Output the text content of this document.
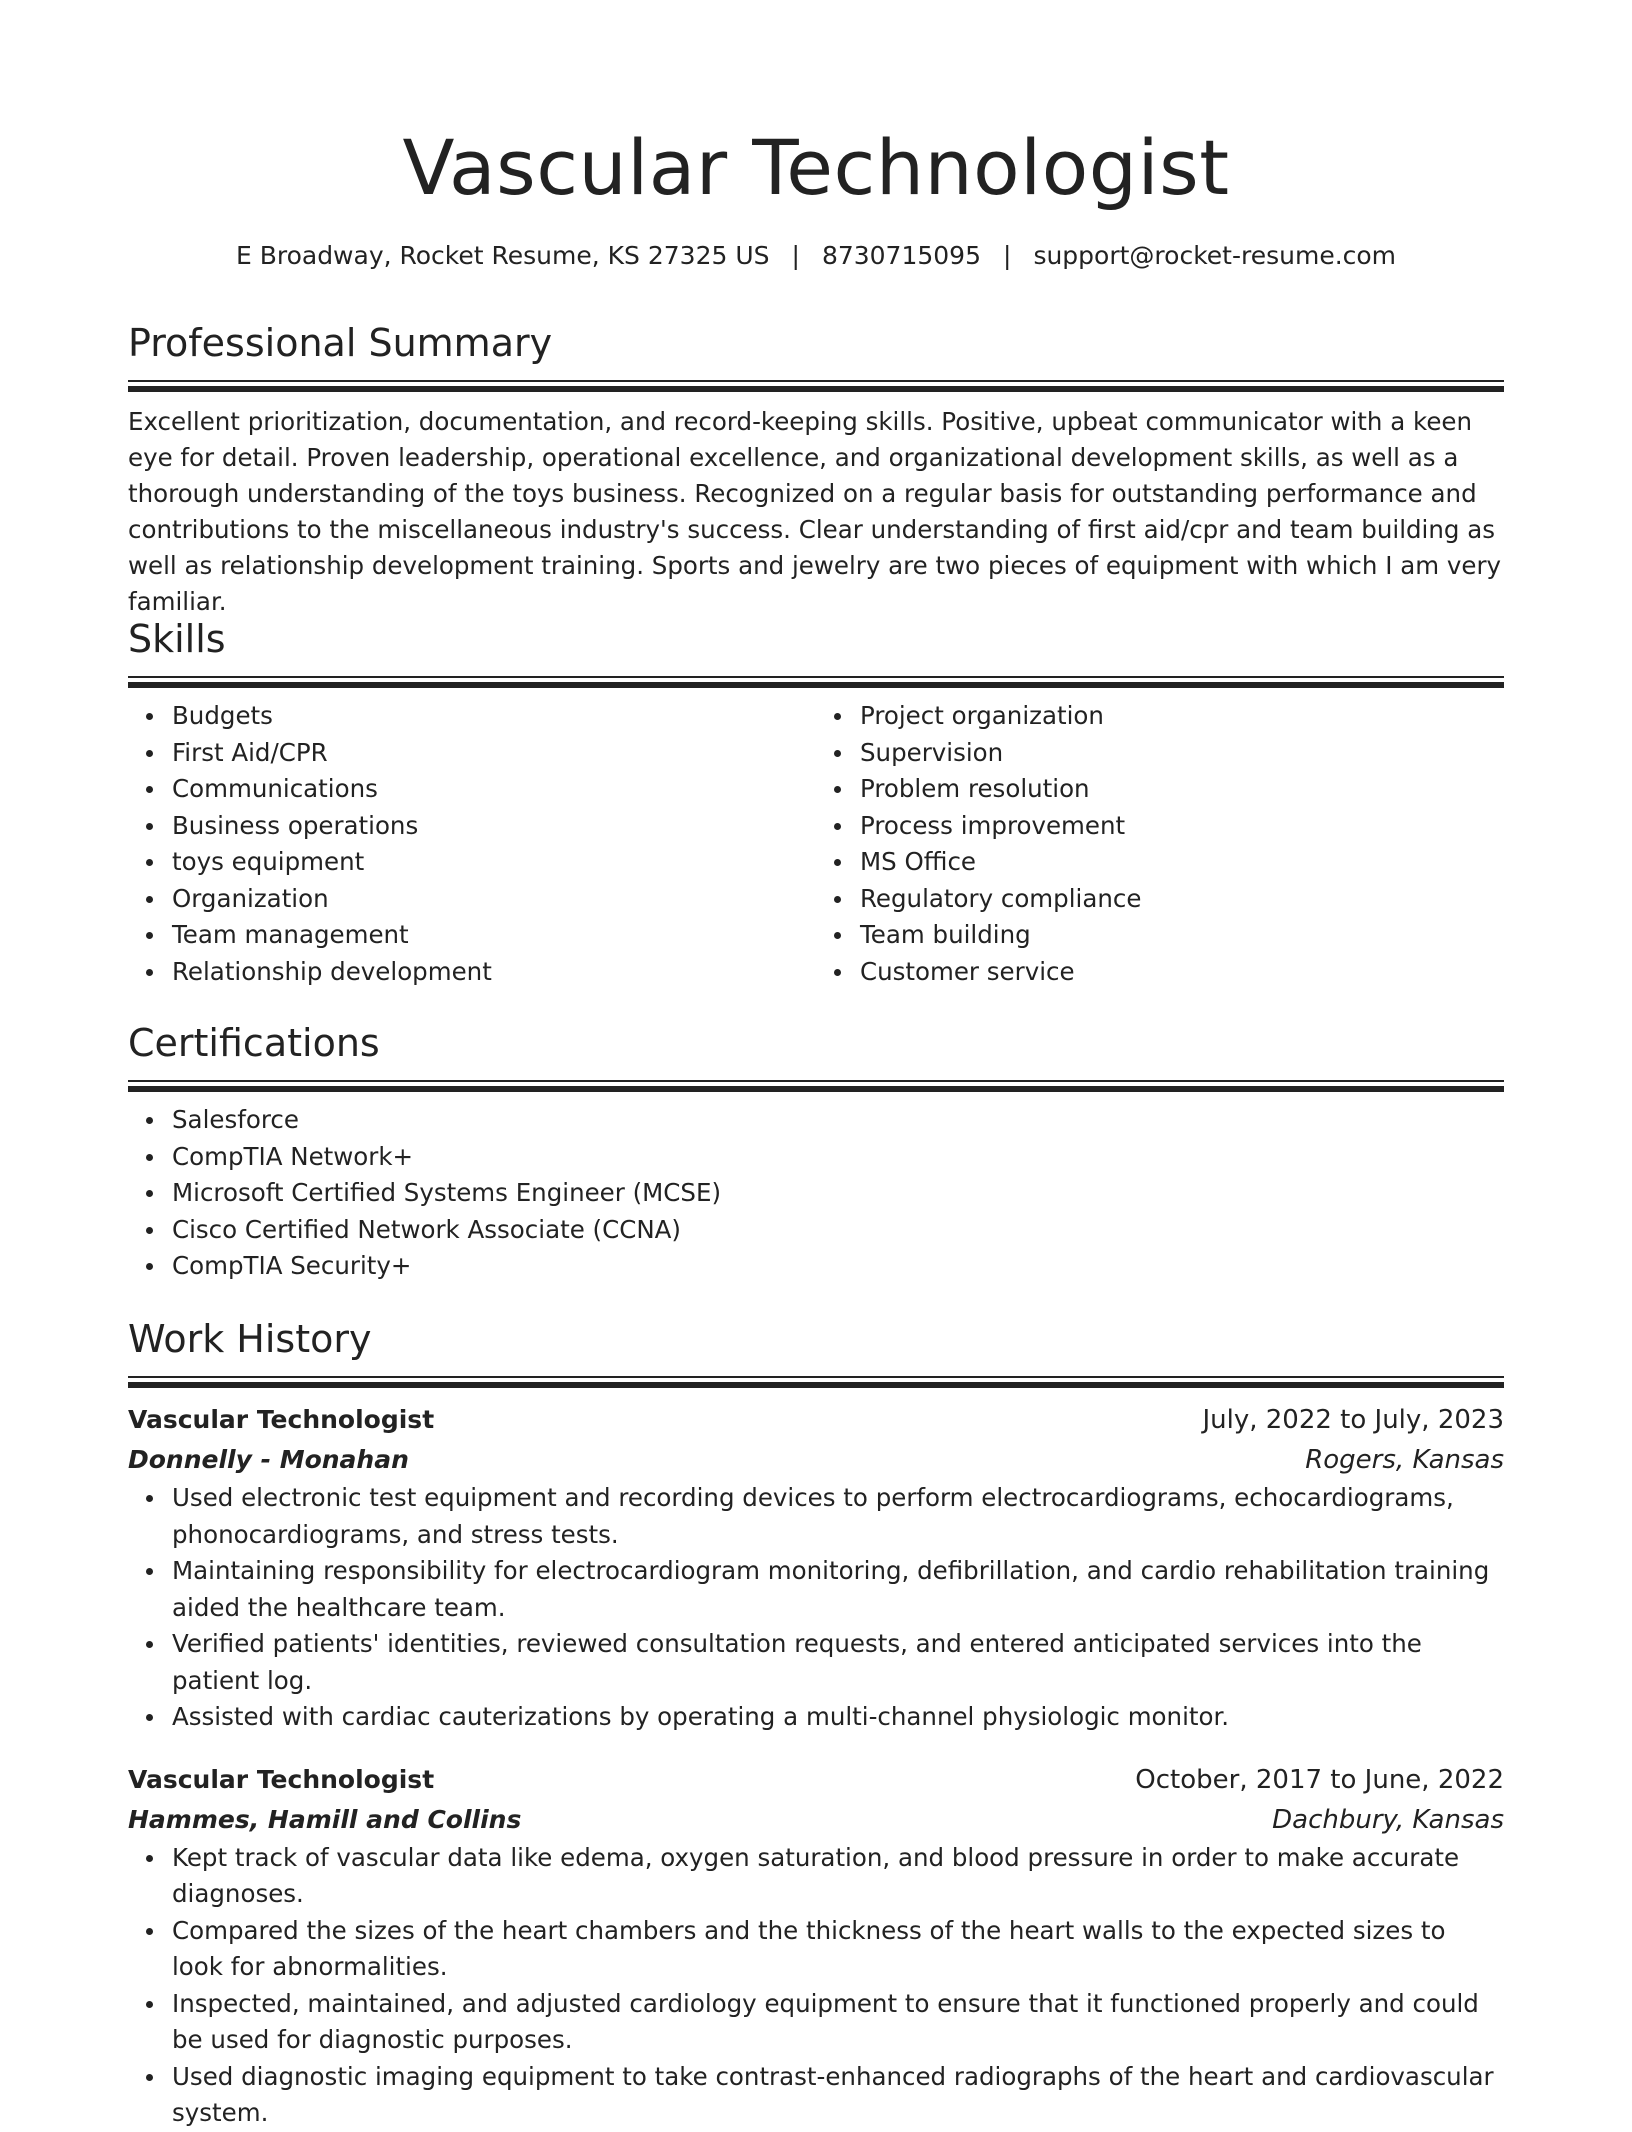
Vascular Technologist
E Broadway, Rocket Resume, KS 27325 US | 8730715095 | support@rocket-resume.com
Professional Summary

Excellent prioritization, documentation, and record-keeping skills. Positive, upbeat communicator with a keen eye for detail. Proven leadership, operational excellence, and organizational development skills, as well as a thorough understanding of the toys business. Recognized on a regular basis for outstanding performance and contributions to the miscellaneous industry's success. Clear understanding of first aid/cpr and team building as well as relationship development training. Sports and jewelry are two pieces of equipment with which I am very familiar.

Skills
Budgets
First Aid/CPR
Communications
Business operations
toys equipment
Organization
Team management
Relationship development
Project organization
Supervision
Problem resolution
Process improvement
MS Office
Regulatory compliance
Team building
Customer service
Certifications
Salesforce
CompTIA Network+
Microsoft Certified Systems Engineer (MCSE)
Cisco Certified Network Associate (CCNA)
CompTIA Security+
Work History
Vascular Technologist	July, 2022 to July, 2023
Donnelly - Monahan	Rogers, Kansas
Used electronic test equipment and recording devices to perform electrocardiograms, echocardiograms, phonocardiograms, and stress tests.
Maintaining responsibility for electrocardiogram monitoring, defibrillation, and cardio rehabilitation training aided the healthcare team.
Verified patients' identities, reviewed consultation requests, and entered anticipated services into the patient log.
Assisted with cardiac cauterizations by operating a multi-channel physiologic monitor.
Vascular Technologist	October, 2017 to June, 2022
Hammes, Hamill and Collins	Dachbury, Kansas
Kept track of vascular data like edema, oxygen saturation, and blood pressure in order to make accurate diagnoses.
Compared the sizes of the heart chambers and the thickness of the heart walls to the expected sizes to look for abnormalities.
Inspected, maintained, and adjusted cardiology equipment to ensure that it functioned properly and could be used for diagnostic purposes.
Used diagnostic imaging equipment to take contrast-enhanced radiographs of the heart and cardiovascular system.
